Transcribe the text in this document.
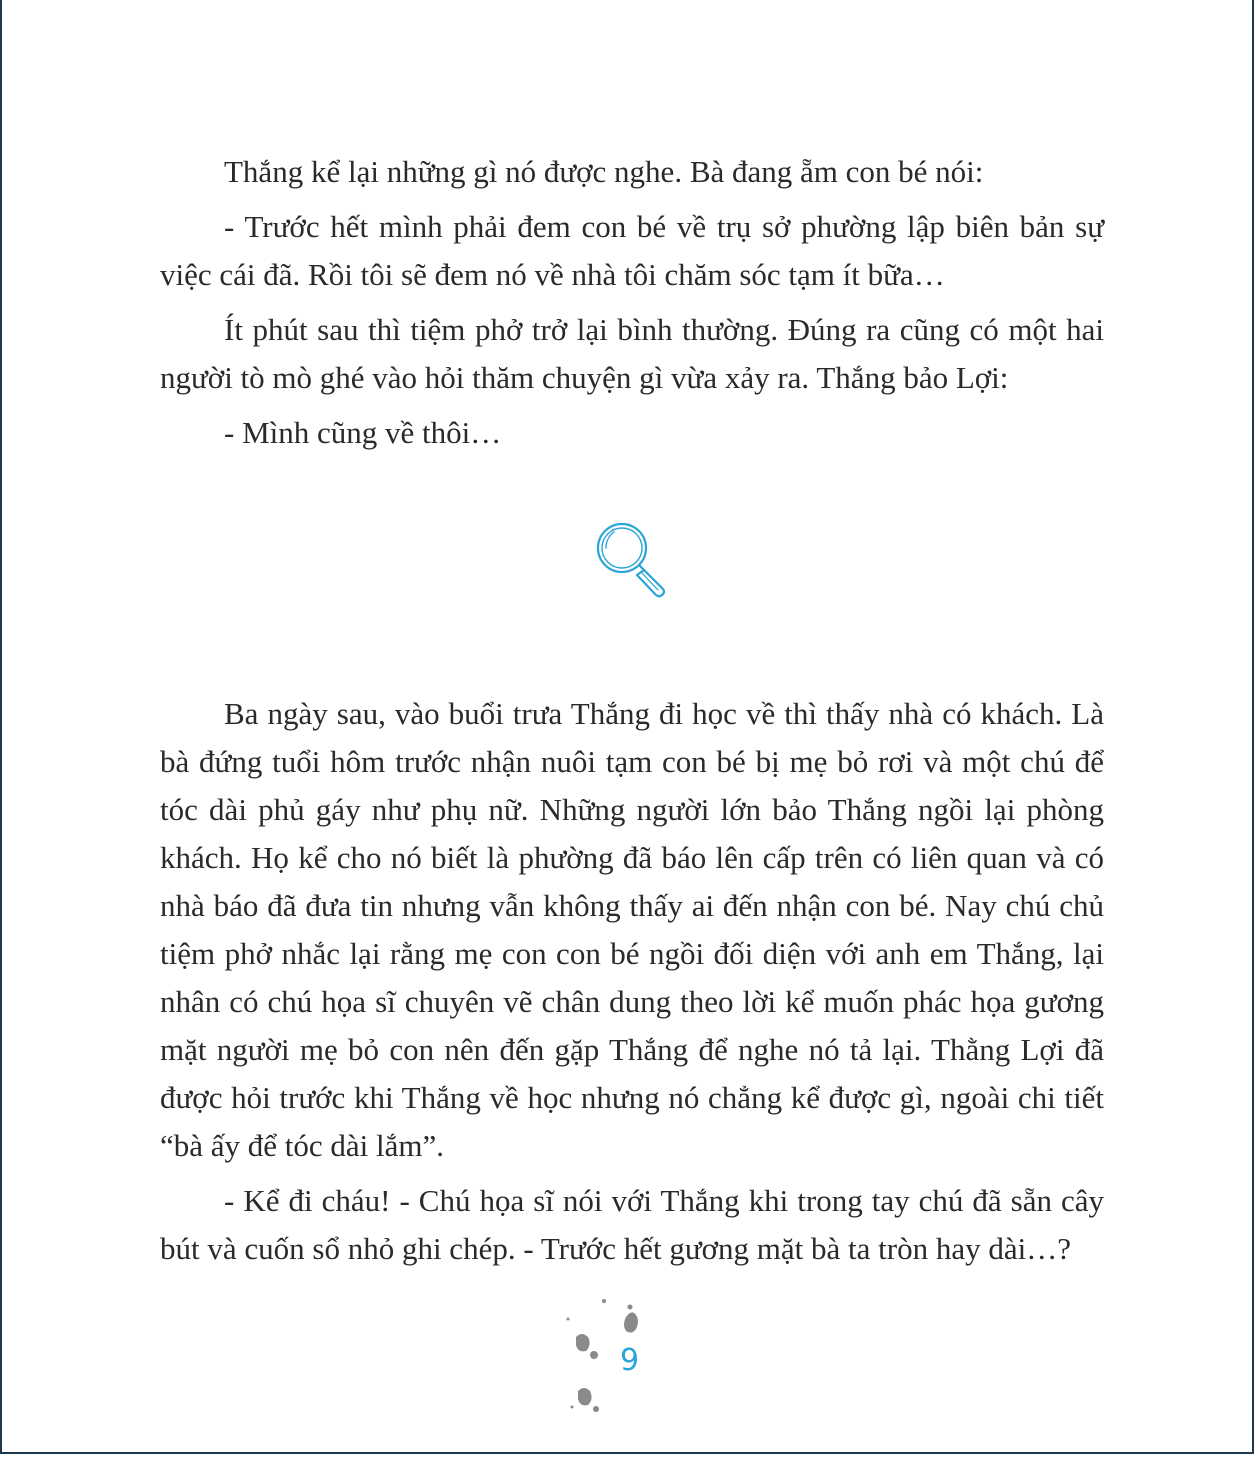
Thắng kể lại những gì nó được nghe. Bà đang ẵm con bé nói:

- Trước hết mình phải đem con bé về trụ sở phường lập biên bản sự việc cái đã. Rồi tôi sẽ đem nó về nhà tôi chăm sóc tạm ít bữa…

Ít phút sau thì tiệm phở trở lại bình thường. Đúng ra cũng có một hai người tò mò ghé vào hỏi thăm chuyện gì vừa xảy ra. Thắng bảo Lợi:

- Mình cũng về thôi…

Ba ngày sau, vào buổi trưa Thắng đi học về thì thấy nhà có khách. Là bà đứng tuổi hôm trước nhận nuôi tạm con bé bị mẹ bỏ rơi và một chú để tóc dài phủ gáy như phụ nữ. Những người lớn bảo Thắng ngồi lại phòng khách. Họ kể cho nó biết là phường đã báo lên cấp trên có liên quan và có nhà báo đã đưa tin nhưng vẫn không thấy ai đến nhận con bé. Nay chú chủ tiệm phở nhắc lại rằng mẹ con con bé ngồi đối diện với anh em Thắng, lại nhân có chú họa sĩ chuyên vẽ chân dung theo lời kể muốn phác họa gương mặt người mẹ bỏ con nên đến gặp Thắng để nghe nó tả lại. Thằng Lợi đã được hỏi trước khi Thắng về học nhưng nó chẳng kể được gì, ngoài chi tiết “bà ấy để tóc dài lắm”.

- Kể đi cháu! - Chú họa sĩ nói với Thắng khi trong tay chú đã sẵn cây bút và cuốn sổ nhỏ ghi chép. - Trước hết gương mặt bà ta tròn hay dài…?

9
